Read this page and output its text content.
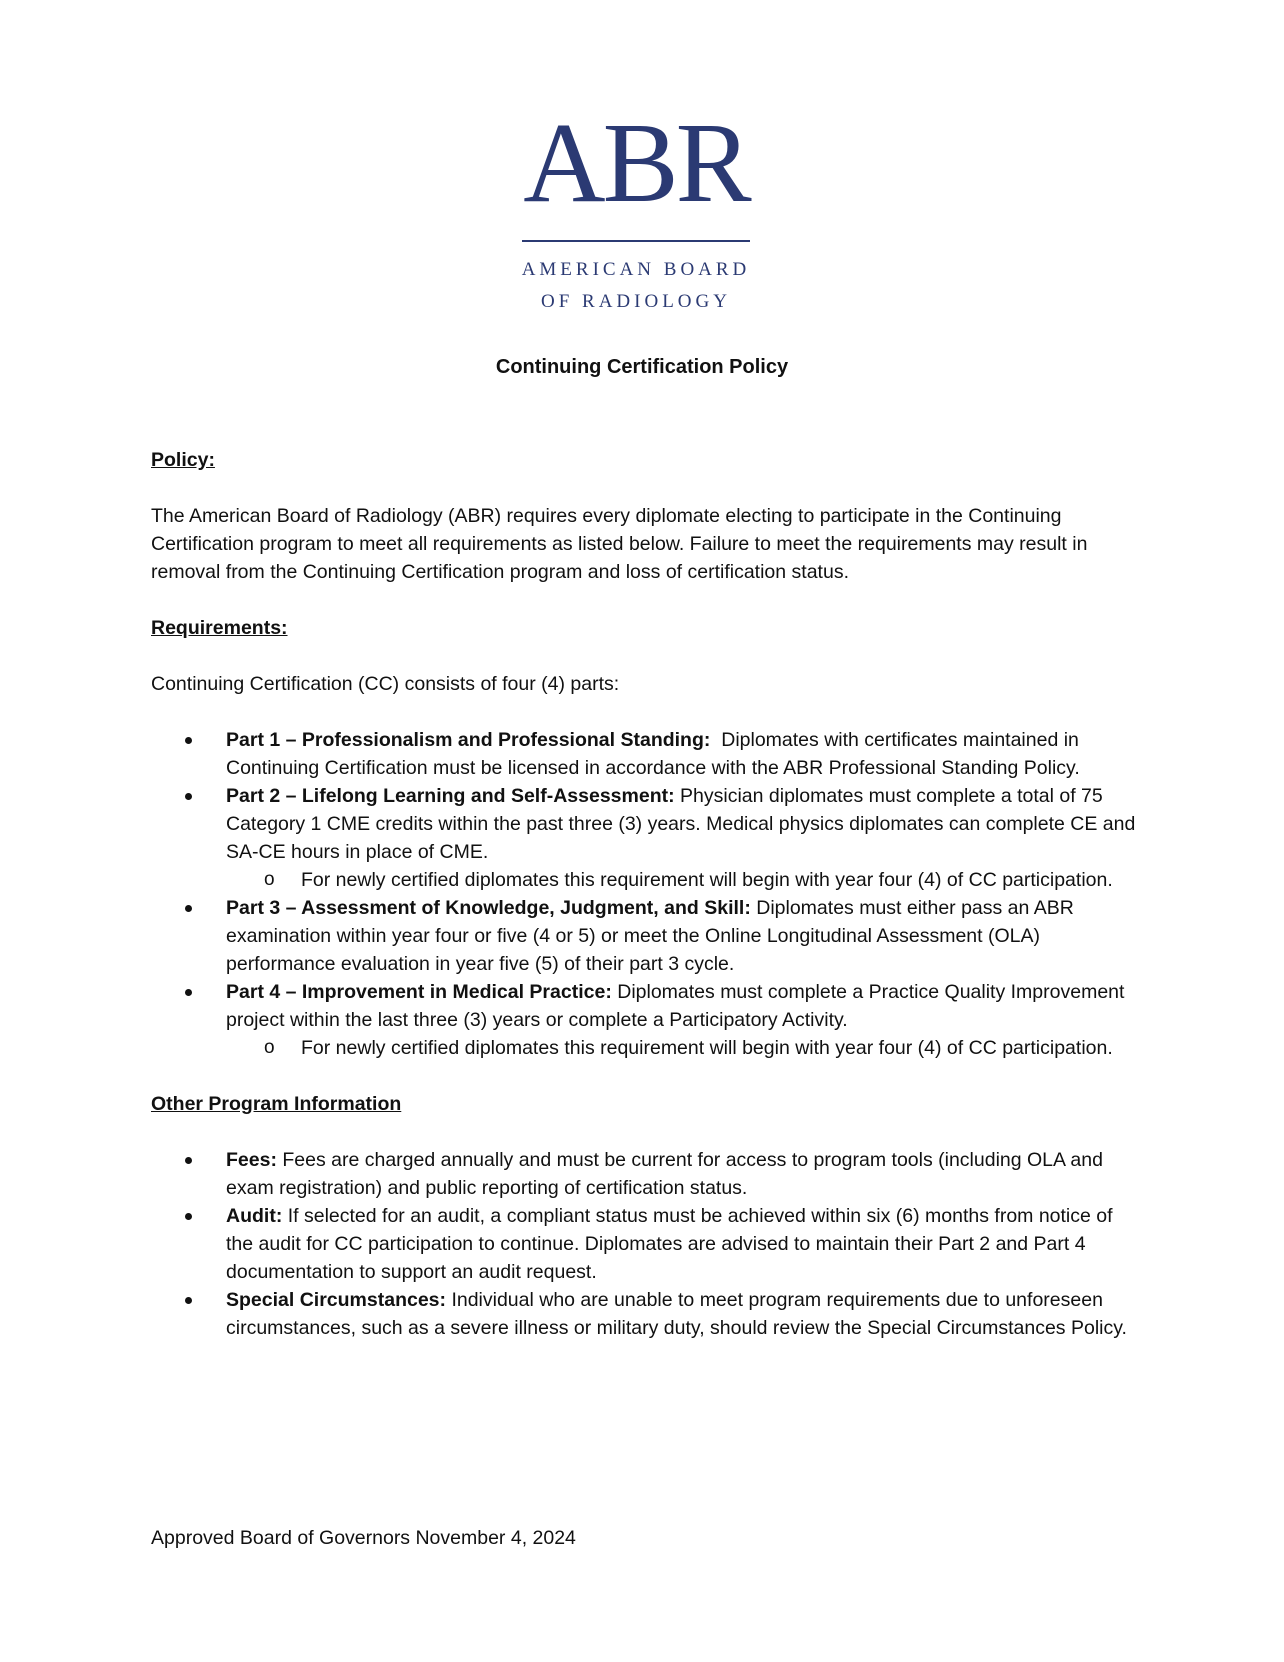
ABR
AMERICAN BOARD
OF RADIOLOGY
Continuing Certification Policy

Policy:

The American Board of Radiology (ABR) requires every diplomate electing to participate in the Continuing Certification program to meet all requirements as listed below. Failure to meet the requirements may result in removal from the Continuing Certification program and loss of certification status.

Requirements:

Continuing Certification (CC) consists of four (4) parts:

Part 1 – Professionalism and Professional Standing: Diplomates with certificates maintained in Continuing Certification must be licensed in accordance with the ABR Professional Standing Policy.
Part 2 – Lifelong Learning and Self-Assessment: Physician diplomates must complete a total of 75 Category 1 CME credits within the past three (3) years. Medical physics diplomates can complete CE and SA-CE hours in place of CME.
o For newly certified diplomates this requirement will begin with year four (4) of CC participation.
Part 3 – Assessment of Knowledge, Judgment, and Skill: Diplomates must either pass an ABR examination within year four or five (4 or 5) or meet the Online Longitudinal Assessment (OLA) performance evaluation in year five (5) of their part 3 cycle.
Part 4 – Improvement in Medical Practice: Diplomates must complete a Practice Quality Improvement project within the last three (3) years or complete a Participatory Activity.
o For newly certified diplomates this requirement will begin with year four (4) of CC participation.

Other Program Information

Fees: Fees are charged annually and must be current for access to program tools (including OLA and exam registration) and public reporting of certification status.
Audit: If selected for an audit, a compliant status must be achieved within six (6) months from notice of the audit for CC participation to continue. Diplomates are advised to maintain their Part 2 and Part 4 documentation to support an audit request.
Special Circumstances: Individual who are unable to meet program requirements due to unforeseen circumstances, such as a severe illness or military duty, should review the Special Circumstances Policy.
Approved Board of Governors November 4, 2024
